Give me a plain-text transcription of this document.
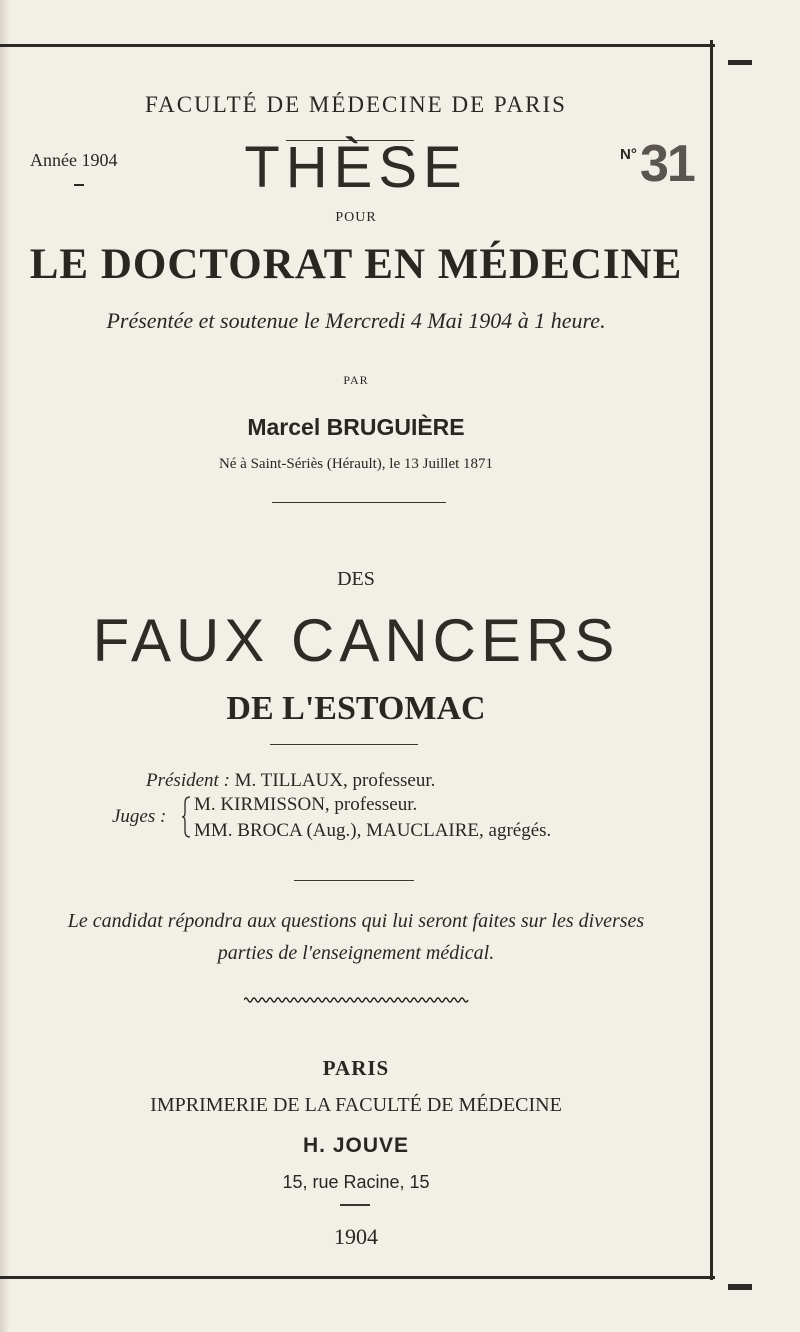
FACULTÉ DE MÉDECINE DE PARIS
Année 1904	THÈSE	N° 31
POUR
LE DOCTORAT EN MÉDECINE
Présentée et soutenue le Mercredi 4 Mai 1904 à 1 heure.
PAR
Marcel BRUGUIÈRE
Né à Saint-Sériès (Hérault), le 13 Juillet 1871
DES
FAUX CANCERS
DE L'ESTOMAC
Président : M. TILLAUX, professeur.
Juges :
M. KIRMISSON, professeur.
MM. BROCA (Aug.), MAUCLAIRE, agrégés.
Le candidat répondra aux questions qui lui seront faites sur les diverses
parties de l'enseignement médical.
PARIS
IMPRIMERIE DE LA FACULTÉ DE MÉDECINE
H. JOUVE
15, rue Racine, 15
1904
